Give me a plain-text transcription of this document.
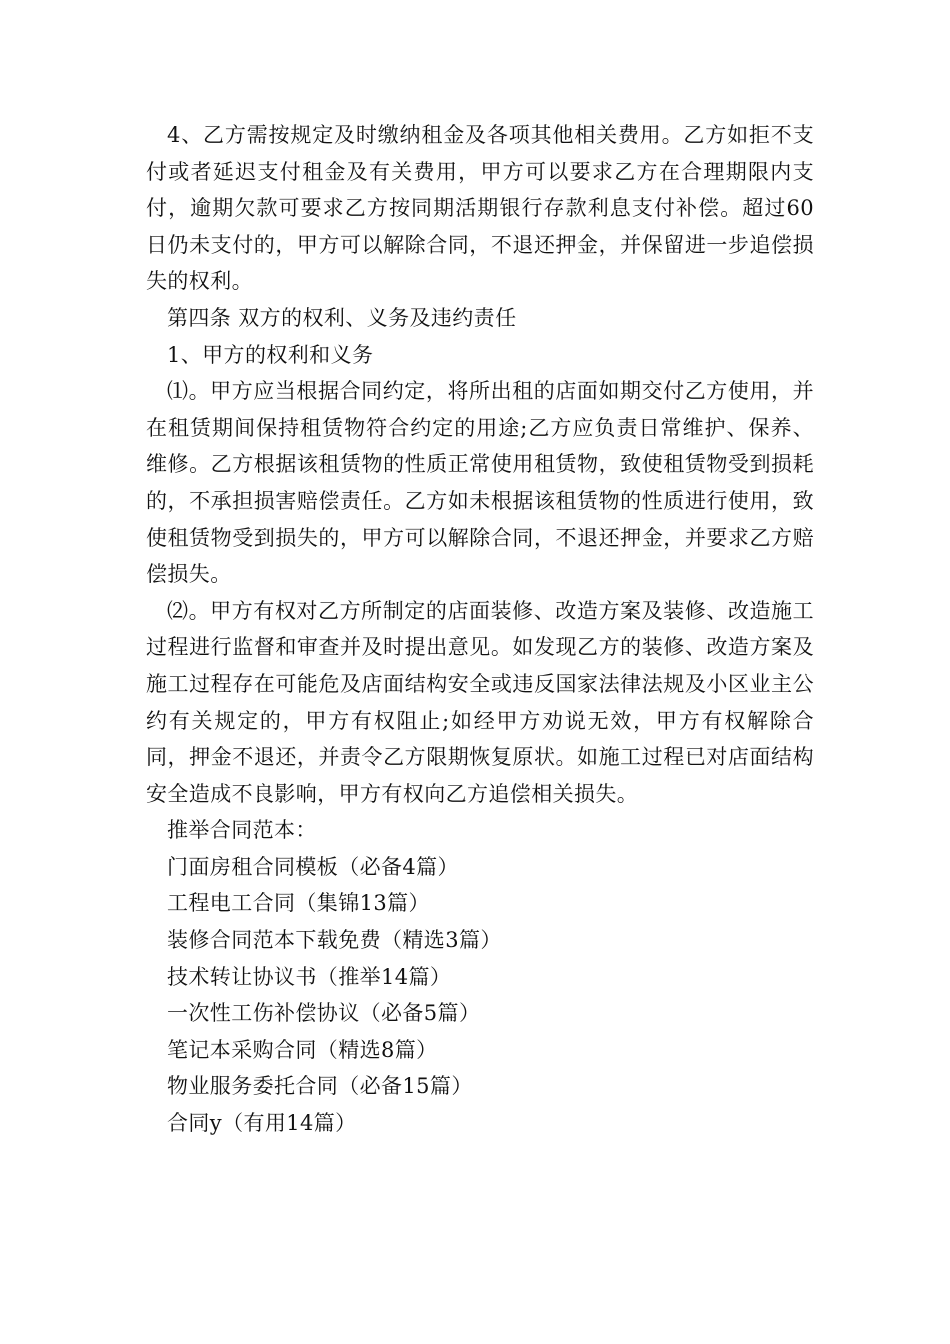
4、乙方需按规定及时缴纳租金及各项其他相关费用。乙方如拒不支付或者延迟支付租金及有关费用，甲方可以要求乙方在合理期限内支付，逾期欠款可要求乙方按同期活期银行存款利息支付补偿。超过60日仍未支付的，甲方可以解除合同，不退还押金，并保留进一步追偿损失的权利。

第四条 双方的权利、义务及违约责任

1、甲方的权利和义务

⑴。甲方应当根据合同约定，将所出租的店面如期交付乙方使用，并在租赁期间保持租赁物符合约定的用途;乙方应负责日常维护、保养、维修。乙方根据该租赁物的性质正常使用租赁物，致使租赁物受到损耗的，不承担损害赔偿责任。乙方如未根据该租赁物的性质进行使用，致使租赁物受到损失的，甲方可以解除合同，不退还押金，并要求乙方赔偿损失。

⑵。甲方有权对乙方所制定的店面装修、改造方案及装修、改造施工过程进行监督和审查并及时提出意见。如发现乙方的装修、改造方案及施工过程存在可能危及店面结构安全或违反国家法律法规及小区业主公约有关规定的，甲方有权阻止;如经甲方劝说无效，甲方有权解除合同，押金不退还，并责令乙方限期恢复原状。如施工过程已对店面结构安全造成不良影响，甲方有权向乙方追偿相关损失。

推举合同范本：

门面房租合同模板（必备4篇）

工程电工合同（集锦13篇）

装修合同范本下载免费（精选3篇）

技术转让协议书（推举14篇）

一次性工伤补偿协议（必备5篇）

笔记本采购合同（精选8篇）

物业服务委托合同（必备15篇）

合同y（有用14篇）
